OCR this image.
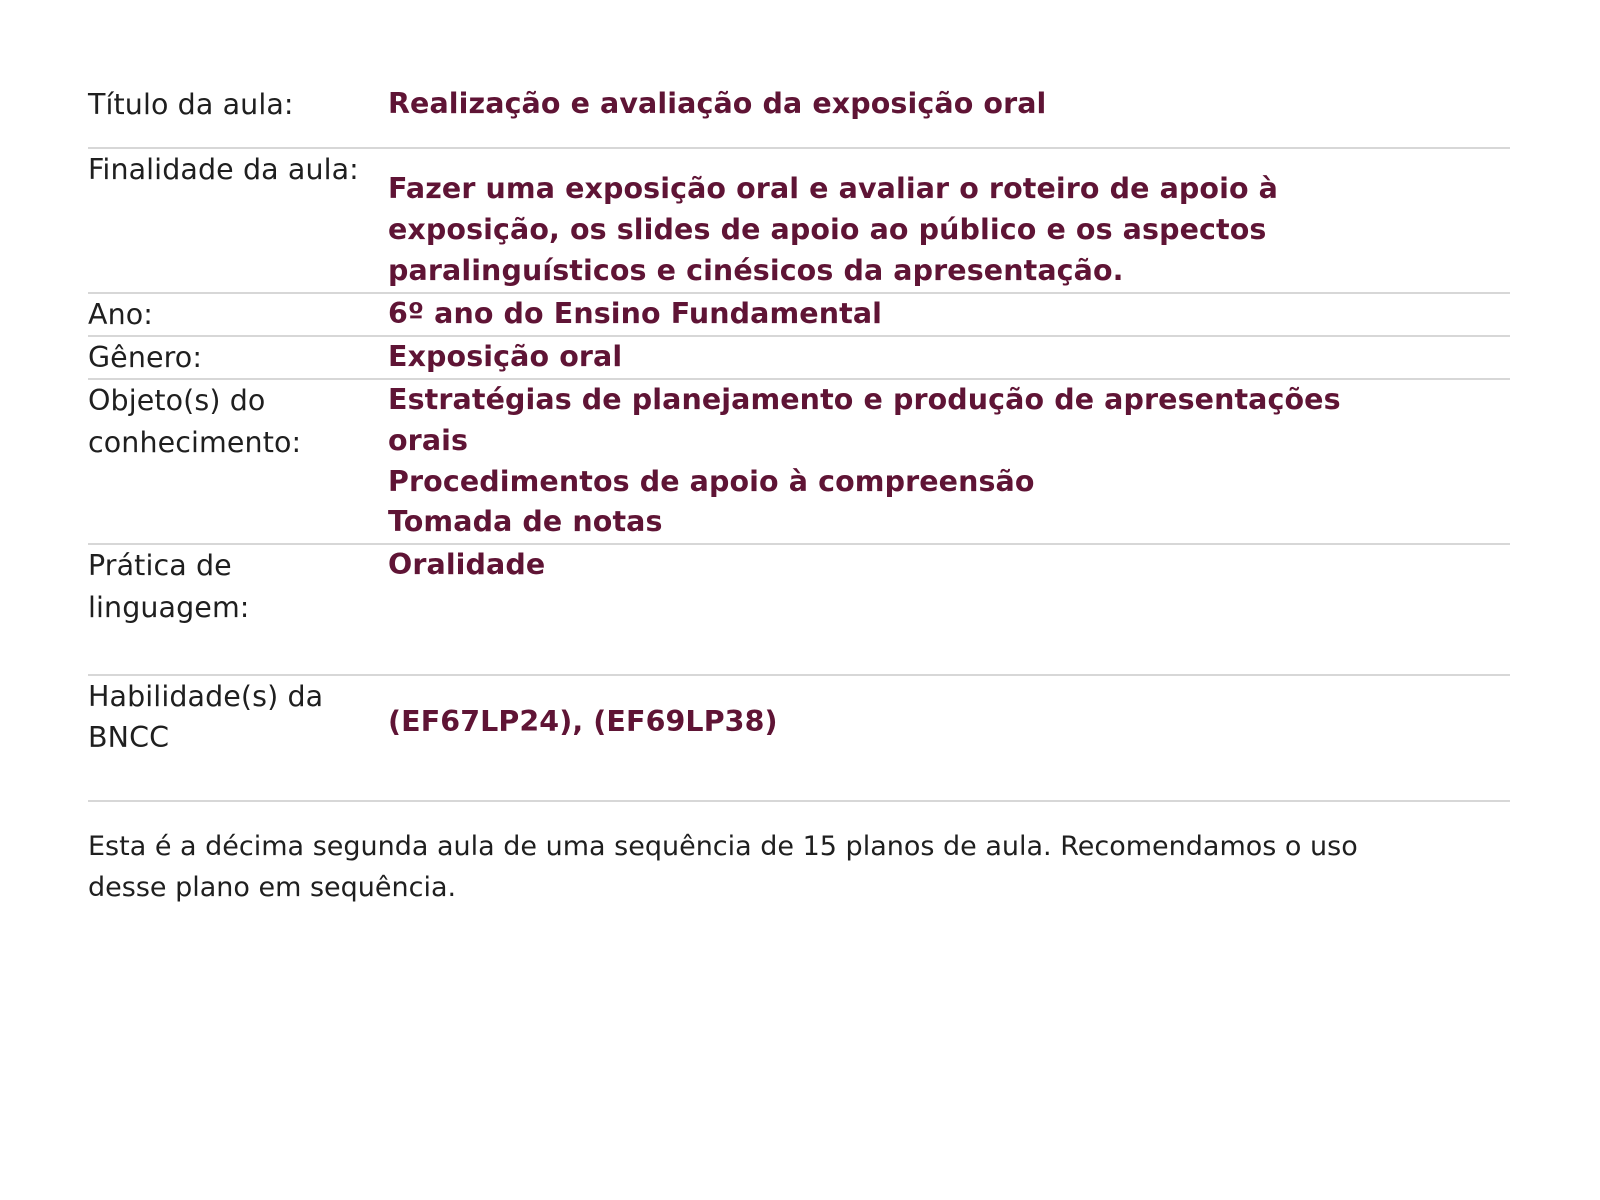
Título da aula:	Realização e avaliação da exposição oral

Finalidade da aula:	Fazer uma exposição oral e avaliar o roteiro de apoio à
exposição, os slides de apoio ao público e os aspectos
paralinguísticos e cinésicos da apresentação.

Ano:	6º ano do Ensino Fundamental

Gênero:	Exposição oral

Objeto(s) do conhecimento:	Estratégias de planejamento e produção de apresentações
orais
Procedimentos de apoio à compreensão
Tomada de notas

Prática de linguagem:	Oralidade

Habilidade(s) da BNCC	(EF67LP24), (EF69LP38)
Esta é a décima segunda aula de uma sequência de 15 planos de aula. Recomendamos o uso
desse plano em sequência.
